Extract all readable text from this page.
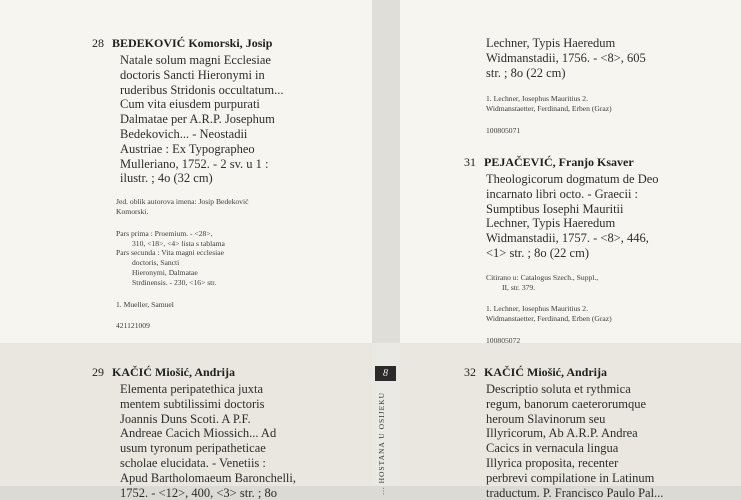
28 BEDEKOVIĆ Komorski, Josip
Natale solum magni Ecclesiae
doctoris Sancti Hieronymi in
ruderibus Stridonis occultatum...
Cum vita eiusdem purpurati
Dalmatae per A.R.P. Josephum
Bedekovich... - Neostadii
Austriae : Ex Typographeo
Mulleriano, 1752. - 2 sv. u 1 :
ilustr. ; 4o (32 cm)
Jed. oblik autorova imena: Josip Bedeković
Komorski.
Pars prima : Proemium. - <28>,
310, <18>, <4> lista s tablama
Pars secunda : Vita magni ecclesiae
doctoris, Sancti
Hieronymi, Dalmatae
Strdinensis. - 230, <16> str.
1. Mueller, Samuel
421121009
29 KAČIĆ Miošić, Andrija
Elementa peripatethica juxta
mentem subtilissimi doctoris
Joannis Duns Scoti. A P.F.
Andreae Cacich Miossich... Ad
usum tyronum peripatheticae
scholae elucidata. - Venetiis :
Apud Bartholomaeum Baronchelli,
1752. - <12>, 400, <3> str. ; 8o
8
... HOSTANA U OSIJEKU
Lechner, Typis Haeredum
Widmanstadii, 1756. - <8>, 605
str. ; 8o (22 cm)
1. Lechner, Iosephus Mauritius 2.
Widmanstaetter, Ferdinand, Erben (Graz)
100805071
31 PEJAČEVIĆ, Franjo Ksaver
Theologicorum dogmatum de Deo
incarnato libri octo. - Graecii :
Sumptibus Iosephi Mauritii
Lechner, Typis Haeredum
Widmanstadii, 1757. - <8>, 446,
<1> str. ; 8o (22 cm)
Citirano u: Catalogus Szech., Suppl.,
II, str. 379.
1. Lechner, Iosephus Mauritius 2.
Widmanstaetter, Ferdinand, Erben (Graz)
100805072
32 KAČIĆ Miošić, Andrija
Descriptio soluta et rythmica
regum, banorum caeterorumque
heroum Slavinorum seu
Illyricorum, Ab A.R.P. Andrea
Cacics in vernacula lingua
Illyrica proposita, recenter
perbrevi compilatione in Latinum
traductum. P. Francisco Paulo Pal...
